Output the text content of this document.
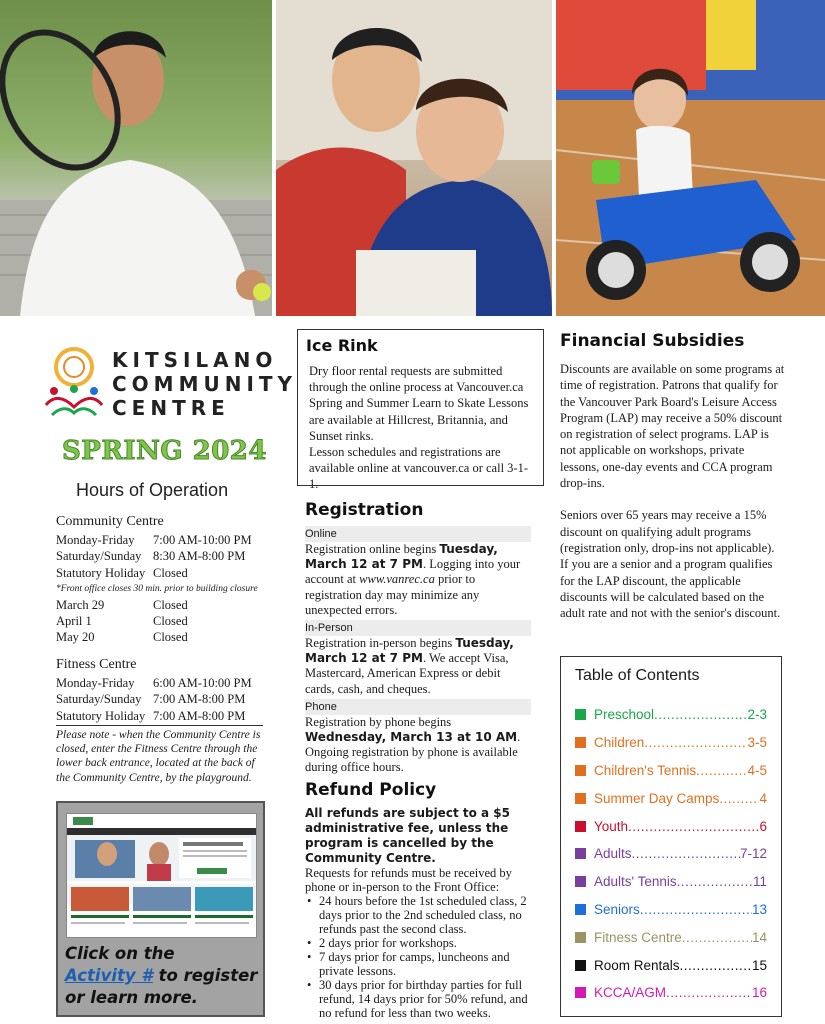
KITSILANO
COMMUNITY
CENTRE
SPRING 2024
Hours of Operation
Community Centre
Monday-Friday	7:00 AM-10:00 PM
Saturday/Sunday 8:30 AM-8:00 PM
Statutory Holiday Closed
*Front office closes 30 min. prior to building closure
March 29	Closed
April 1	Closed
May 20	Closed
Fitness Centre
Monday-Friday	6:00 AM-10:00 PM
Saturday/Sunday 7:00 AM-8:00 PM
Statutory Holiday 7:00 AM-8:00 PM
Please note - when the Community Centre is closed, enter the Fitness Centre through the lower back entrance, located at the back of the Community Centre, by the playground.
Click on the
Activity # to register or learn more.
Ice Rink

Dry floor rental requests are submitted through the online process at Vancouver.ca Spring and Summer Learn to Skate Lessons are available at Hillcrest, Britannia, and Sunset rinks.

Lesson schedules and registrations are available online at vancouver.ca or call 3-1-1.

Registration
Online
Registration online begins Tuesday, March 12 at 7 PM. Logging into your account at www.vanrec.ca prior to registration day may minimize any unexpected errors.
In-Person
Registration in-person begins Tuesday, March 12 at 7 PM. We accept Visa, Mastercard, American Express or debit cards, cash, and cheques.
Phone
Registration by phone begins Wednesday, March 13 at 10 AM. Ongoing registration by phone is available during office hours.
Refund Policy
All refunds are subject to a $5 administrative fee, unless the program is cancelled by the Community Centre.
Requests for refunds must be received by phone or in-person to the Front Office:
• 24 hours before the 1st scheduled class, 2 days prior to the 2nd scheduled class, no refunds past the second class.
• 2 days prior for workshops.
• 7 days prior for camps, luncheons and private lessons.
• 30 days prior for birthday parties for full refund, 14 days prior for 50% refund, and no refund for less than two weeks.
Financial Subsidies

Discounts are available on some programs at time of registration. Patrons that qualify for the Vancouver Park Board's Leisure Access Program (LAP) may receive a 50% discount on registration of select programs. LAP is not applicable on workshops, private lessons, one-day events and CCA program drop-ins.

Seniors over 65 years may receive a 15% discount on qualifying adult programs (registration only, drop-ins not applicable). If you are a senior and a program qualifies for the LAP discount, the applicable discounts will be calculated based on the adult rate and not with the senior's discount.

Table of Contents
Preschool .....	2-3
Children .....	3-5
Children's Tennis .....	4-5
Summer Day Camps .....	4
Youth .....	6
Adults .....	7-12
Adults' Tennis .....	11
Seniors .....	13
Fitness Centre .....	14
Room Rentals .....	15
KCCA/AGM .....	16
